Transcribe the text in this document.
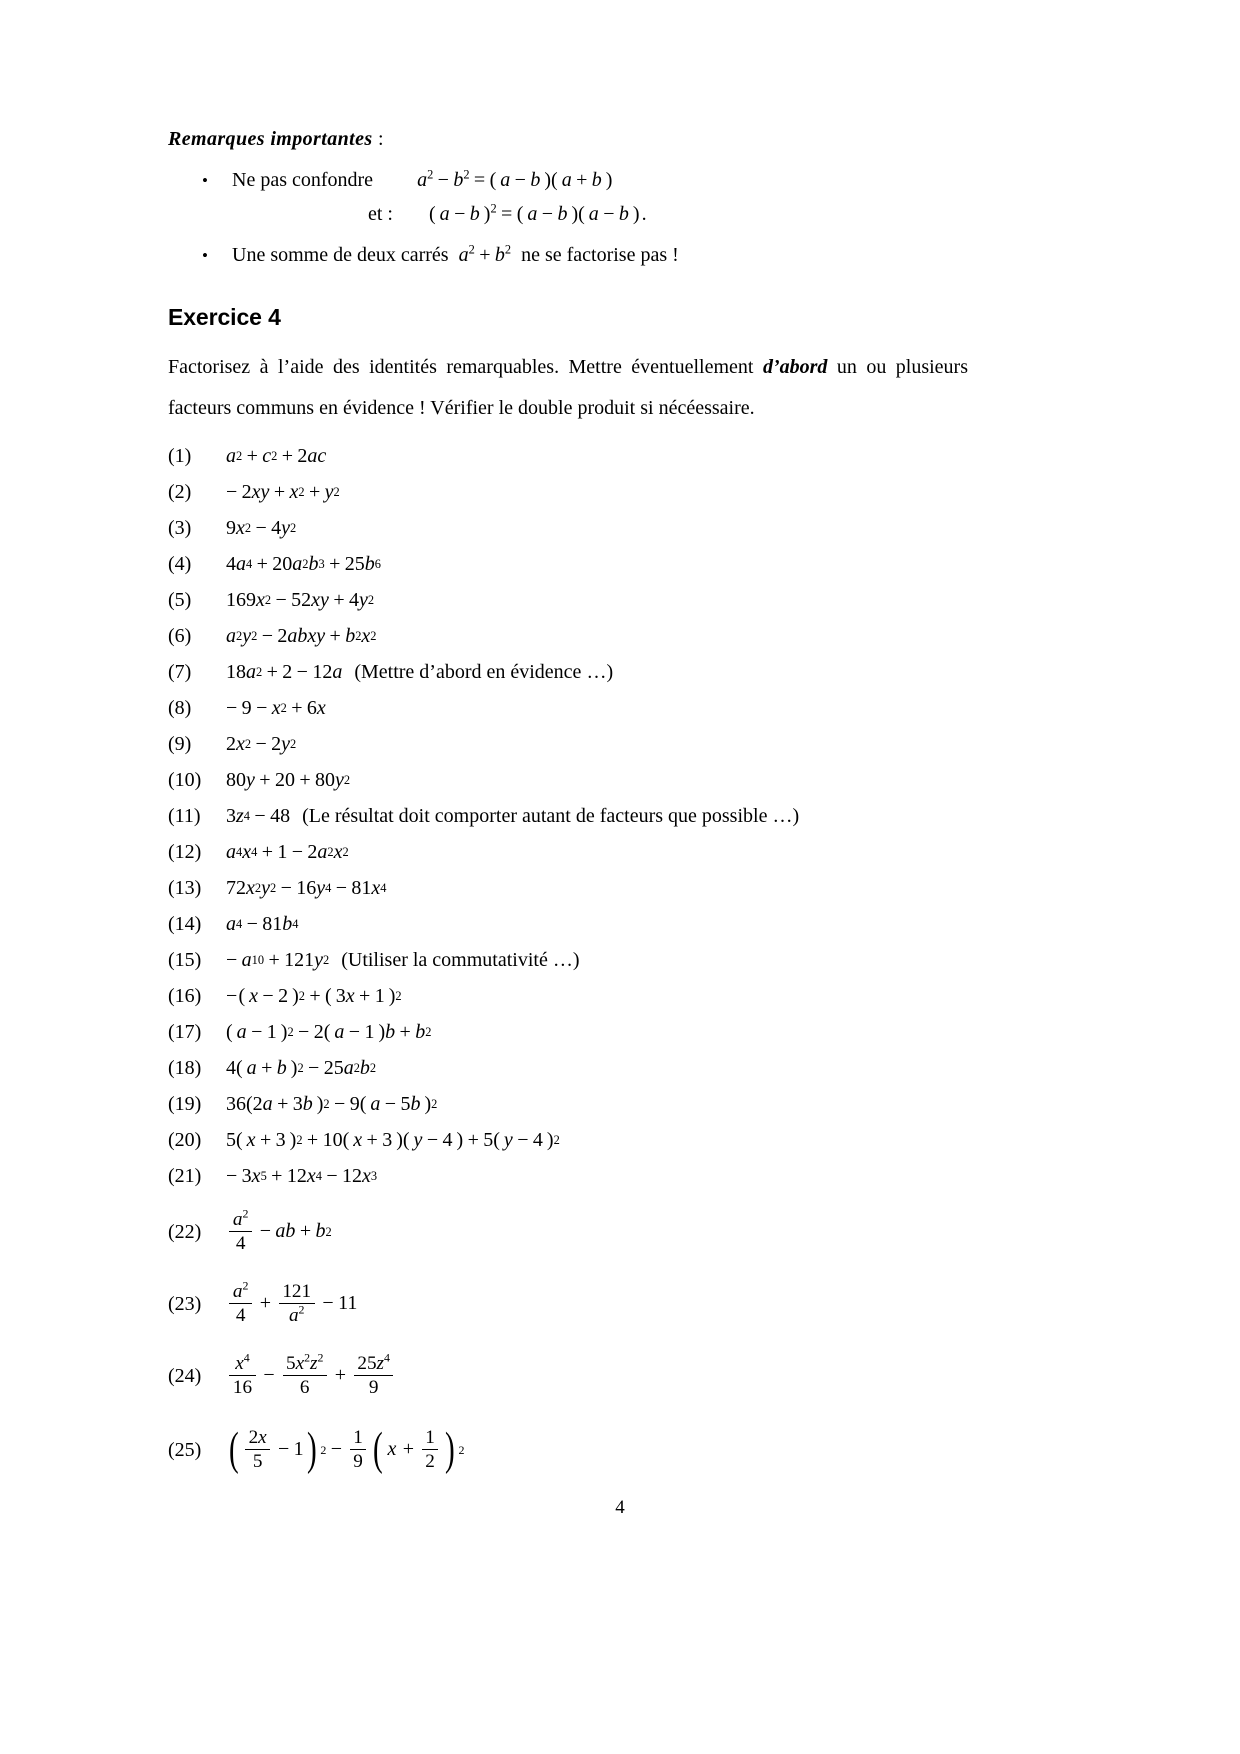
Remarques importantes :
•	Ne pas confondre $a^2 - b^2$ = ( a − b )( a + b )
et : ( a − b )$^2$ = ( a − b )( a − b ) .
•	Une somme de deux carrés  $a^2 + b^2$ ne se factorise pas !
Exercice 4

Factorisez à l’aide des identités remarquables. Mettre éventuellement d’abord un ou plusieurs facteurs communs en évidence ! Vérifier le double produit si nécéessaire.

(1)	a 2 + c 2 + 2 ac
(2)	− 2 xy + x 2 + y 2
(3)	9 x 2 − 4 y 2
(4)	4 a 4 + 20 a 2 b 3 + 25 b 6
(5)	169 x 2 − 52 xy + 4 y 2
(6)	a 2 y 2 − 2 abxy + b 2 x 2
(7)	18 a 2 + 2 − 12 a (Mettre d’abord en évidence …)
(8)	− 9 − x 2 + 6 x
(9)	2 x 2 − 2 y 2
(10)	80 y + 20 + 80 y 2
(11)	3 z 4 − 48 (Le résultat doit comporter autant de facteurs que possible …)
(12)	a 4 x 4 + 1 − 2 a 2 x 2
(13)	72 x 2 y 2 − 16 y 4 − 81 x 4
(14)	a 4 − 81 b 4
(15)	− a 10 + 121 y 2 (Utiliser la commutativité …)
(16)	− (  x − 2
  ) 2 + (
  3 x + 1
  ) 2
(17)	(  a − 1
  ) 2 − 2 (  a − 1
  ) b + b 2
(18)	4 (  a + b  ) 2 − 25 a 2 b 2
(19)	36 ( 2 a + 3 b  ) 2 − 9 (  a − 5 b  ) 2
(20)	5 (  x + 3
  ) 2 + 10 (  x + 3
  )(  y − 4
  ) + 5 (  y − 4
  ) 2
(21)	− 3 x 5 + 12 x 4 − 12 x 3
(22)	$\frac{a^2}{4}$ − ab + b 2
(23)	$\frac{a^2}{4} + \frac{121}{a^2} - 11$
(24)	$\frac{x^4}{16} - \frac{5x^2z^2}{6} + \frac{25z^4}{9}$
(25) ( $\frac{2x}{5} - 1$ ) $2 - \frac{1}{9}$ ( $x + \frac{1}{2}$ ) 2
4
